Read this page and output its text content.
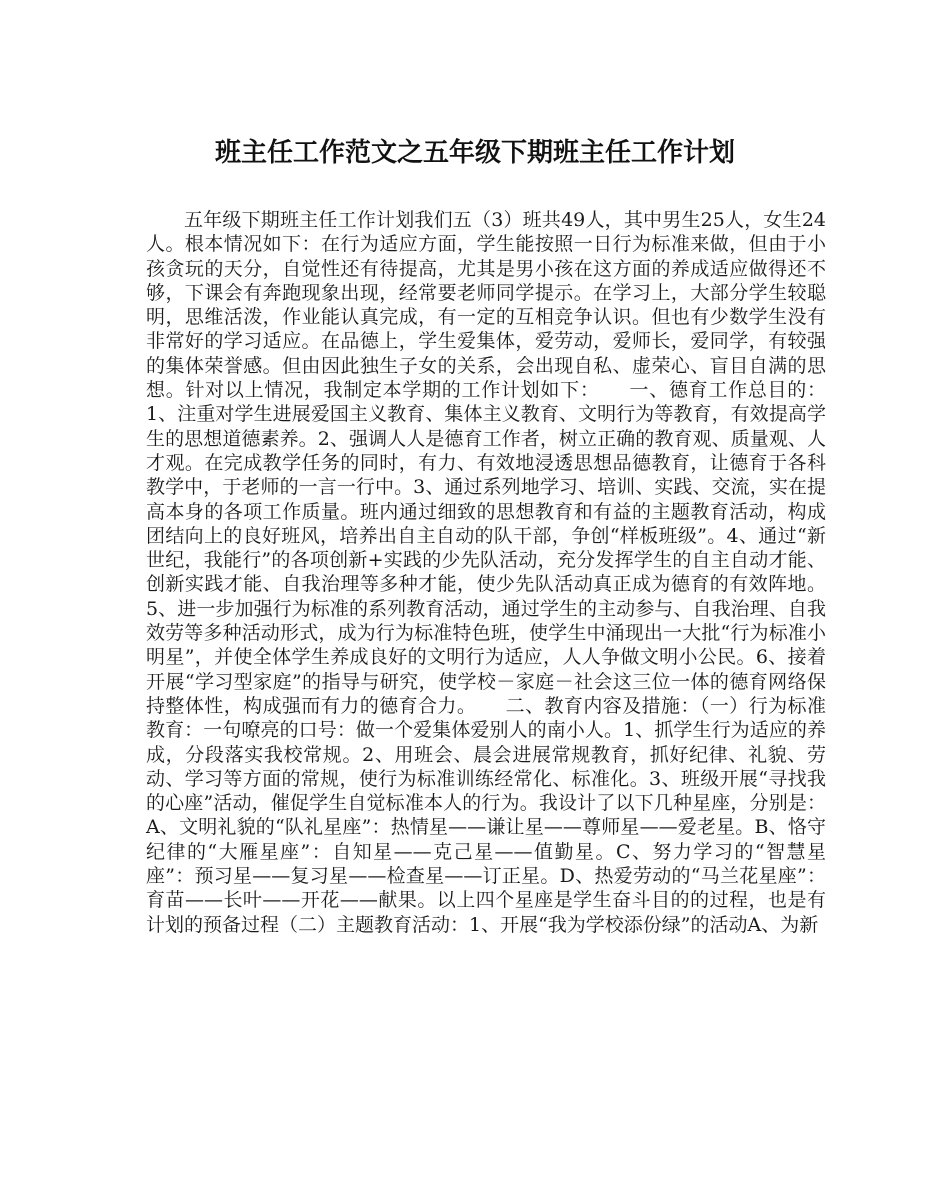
班主任工作范文之五年级下期班主任工作计划

五年级下期班主任工作计划我们五（3）班共49人，其中男生25人，女生24人。根本情况如下：在行为适应方面，学生能按照一日行为标准来做，但由于小孩贪玩的天分，自觉性还有待提高，尤其是男小孩在这方面的养成适应做得还不够，下课会有奔跑现象出现，经常要老师同学提示。在学习上，大部分学生较聪明，思维活泼，作业能认真完成，有一定的互相竞争认识。但也有少数学生没有非常好的学习适应。在品德上，学生爱集体，爱劳动，爱师长，爱同学，有较强的集体荣誉感。但由因此独生子女的关系，会出现自私、虚荣心、盲目自满的思想。针对以上情况，我制定本学期的工作计划如下：　　一、德育工作总目的：1、注重对学生进展爱国主义教育、集体主义教育、文明行为等教育，有效提高学生的思想道德素养。2、强调人人是德育工作者，树立正确的教育观、质量观、人才观。在完成教学任务的同时，有力、有效地浸透思想品德教育，让德育于各科教学中，于老师的一言一行中。3、通过系列地学习、培训、实践、交流，实在提高本身的各项工作质量。班内通过细致的思想教育和有益的主题教育活动，构成团结向上的良好班风，培养出自主自动的队干部，争创“样板班级”。4、通过“新世纪，我能行”的各项创新+实践的少先队活动，充分发挥学生的自主自动才能、创新实践才能、自我治理等多种才能，使少先队活动真正成为德育的有效阵地。5、进一步加强行为标准的系列教育活动，通过学生的主动参与、自我治理、自我效劳等多种活动形式，成为行为标准特色班，使学生中涌现出一大批“行为标准小明星”，并使全体学生养成良好的文明行为适应，人人争做文明小公民。6、接着开展“学习型家庭”的指导与研究，使学校－家庭－社会这三位一体的德育网络保持整体性，构成强而有力的德育合力。　　二、教育内容及措施：（一）行为标准教育：一句嘹亮的口号：做一个爱集体爱别人的南小人。1、抓学生行为适应的养成，分段落实我校常规。2、用班会、晨会进展常规教育，抓好纪律、礼貌、劳动、学习等方面的常规，使行为标准训练经常化、标准化。3、班级开展“寻找我的心座”活动，催促学生自觉标准本人的行为。我设计了以下几种星座，分别是：A、文明礼貌的“队礼星座”：热情星——谦让星——尊师星——爱老星。B、恪守纪律的“大雁星座”：自知星——克己星——值勤星。C、努力学习的“智慧星座”：预习星——复习星——检查星——订正星。D、热爱劳动的“马兰花星座”：育苗——长叶——开花——献果。以上四个星座是学生奋斗目的的过程，也是有计划的预备过程（二）主题教育活动：1、开展“我为学校添份绿”的活动A、为新
